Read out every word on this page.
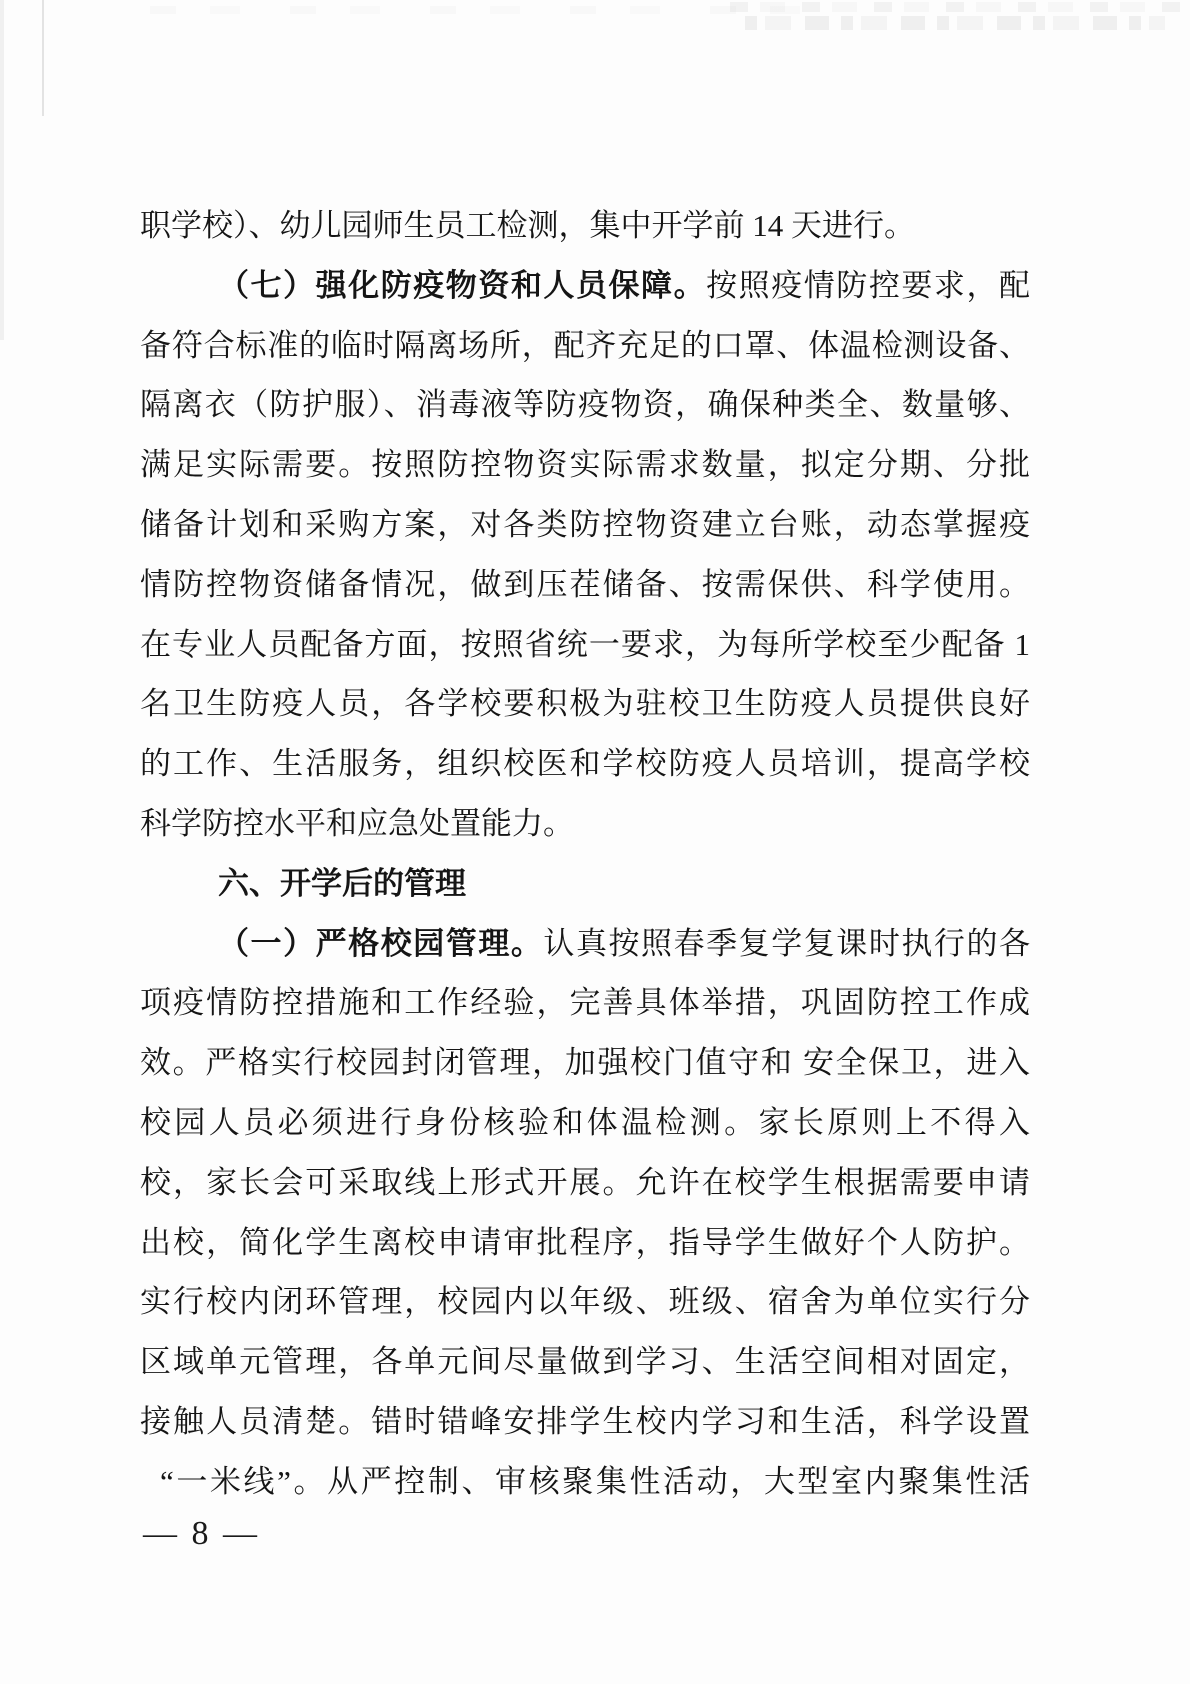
职学校）、幼儿园师生员工检测，集中开学前 14 天进行。
（七）强化防疫物资和人员保障。按照疫情防控要求，配
备符合标准的临时隔离场所，配齐充足的口罩、体温检测设备、
隔离衣（防护服）、消毒液等防疫物资，确保种类全、数量够、
满足实际需要。按照防控物资实际需求数量，拟定分期、分批
储备计划和采购方案，对各类防控物资建立台账，动态掌握疫
情防控物资储备情况，做到压茬储备、按需保供、科学使用。
在专业人员配备方面，按照省统一要求，为每所学校至少配备 1
名卫生防疫人员，各学校要积极为驻校卫生防疫人员提供良好
的工作、生活服务，组织校医和学校防疫人员培训，提高学校
科学防控水平和应急处置能力。
六、开学后的管理
（一）严格校园管理。认真按照春季复学复课时执行的各
项疫情防控措施和工作经验，完善具体举措，巩固防控工作成
效。严格实行校园封闭管理，加强校门值守和 安全保卫，进入
校园人员必须进行身份核验和体温检测。家长原则上不得入
校，家长会可采取线上形式开展。允许在校学生根据需要申请
出校，简化学生离校申请审批程序，指导学生做好个人防护。
实行校内闭环管理，校园内以年级、班级、宿舍为单位实行分
区域单元管理，各单元间尽量做到学习、生活空间相对固定，
接触人员清楚。错时错峰安排学生校内学习和生活，科学设置
“一米线”。从严控制、审核聚集性活动，大型室内聚集性活
— 8 —
